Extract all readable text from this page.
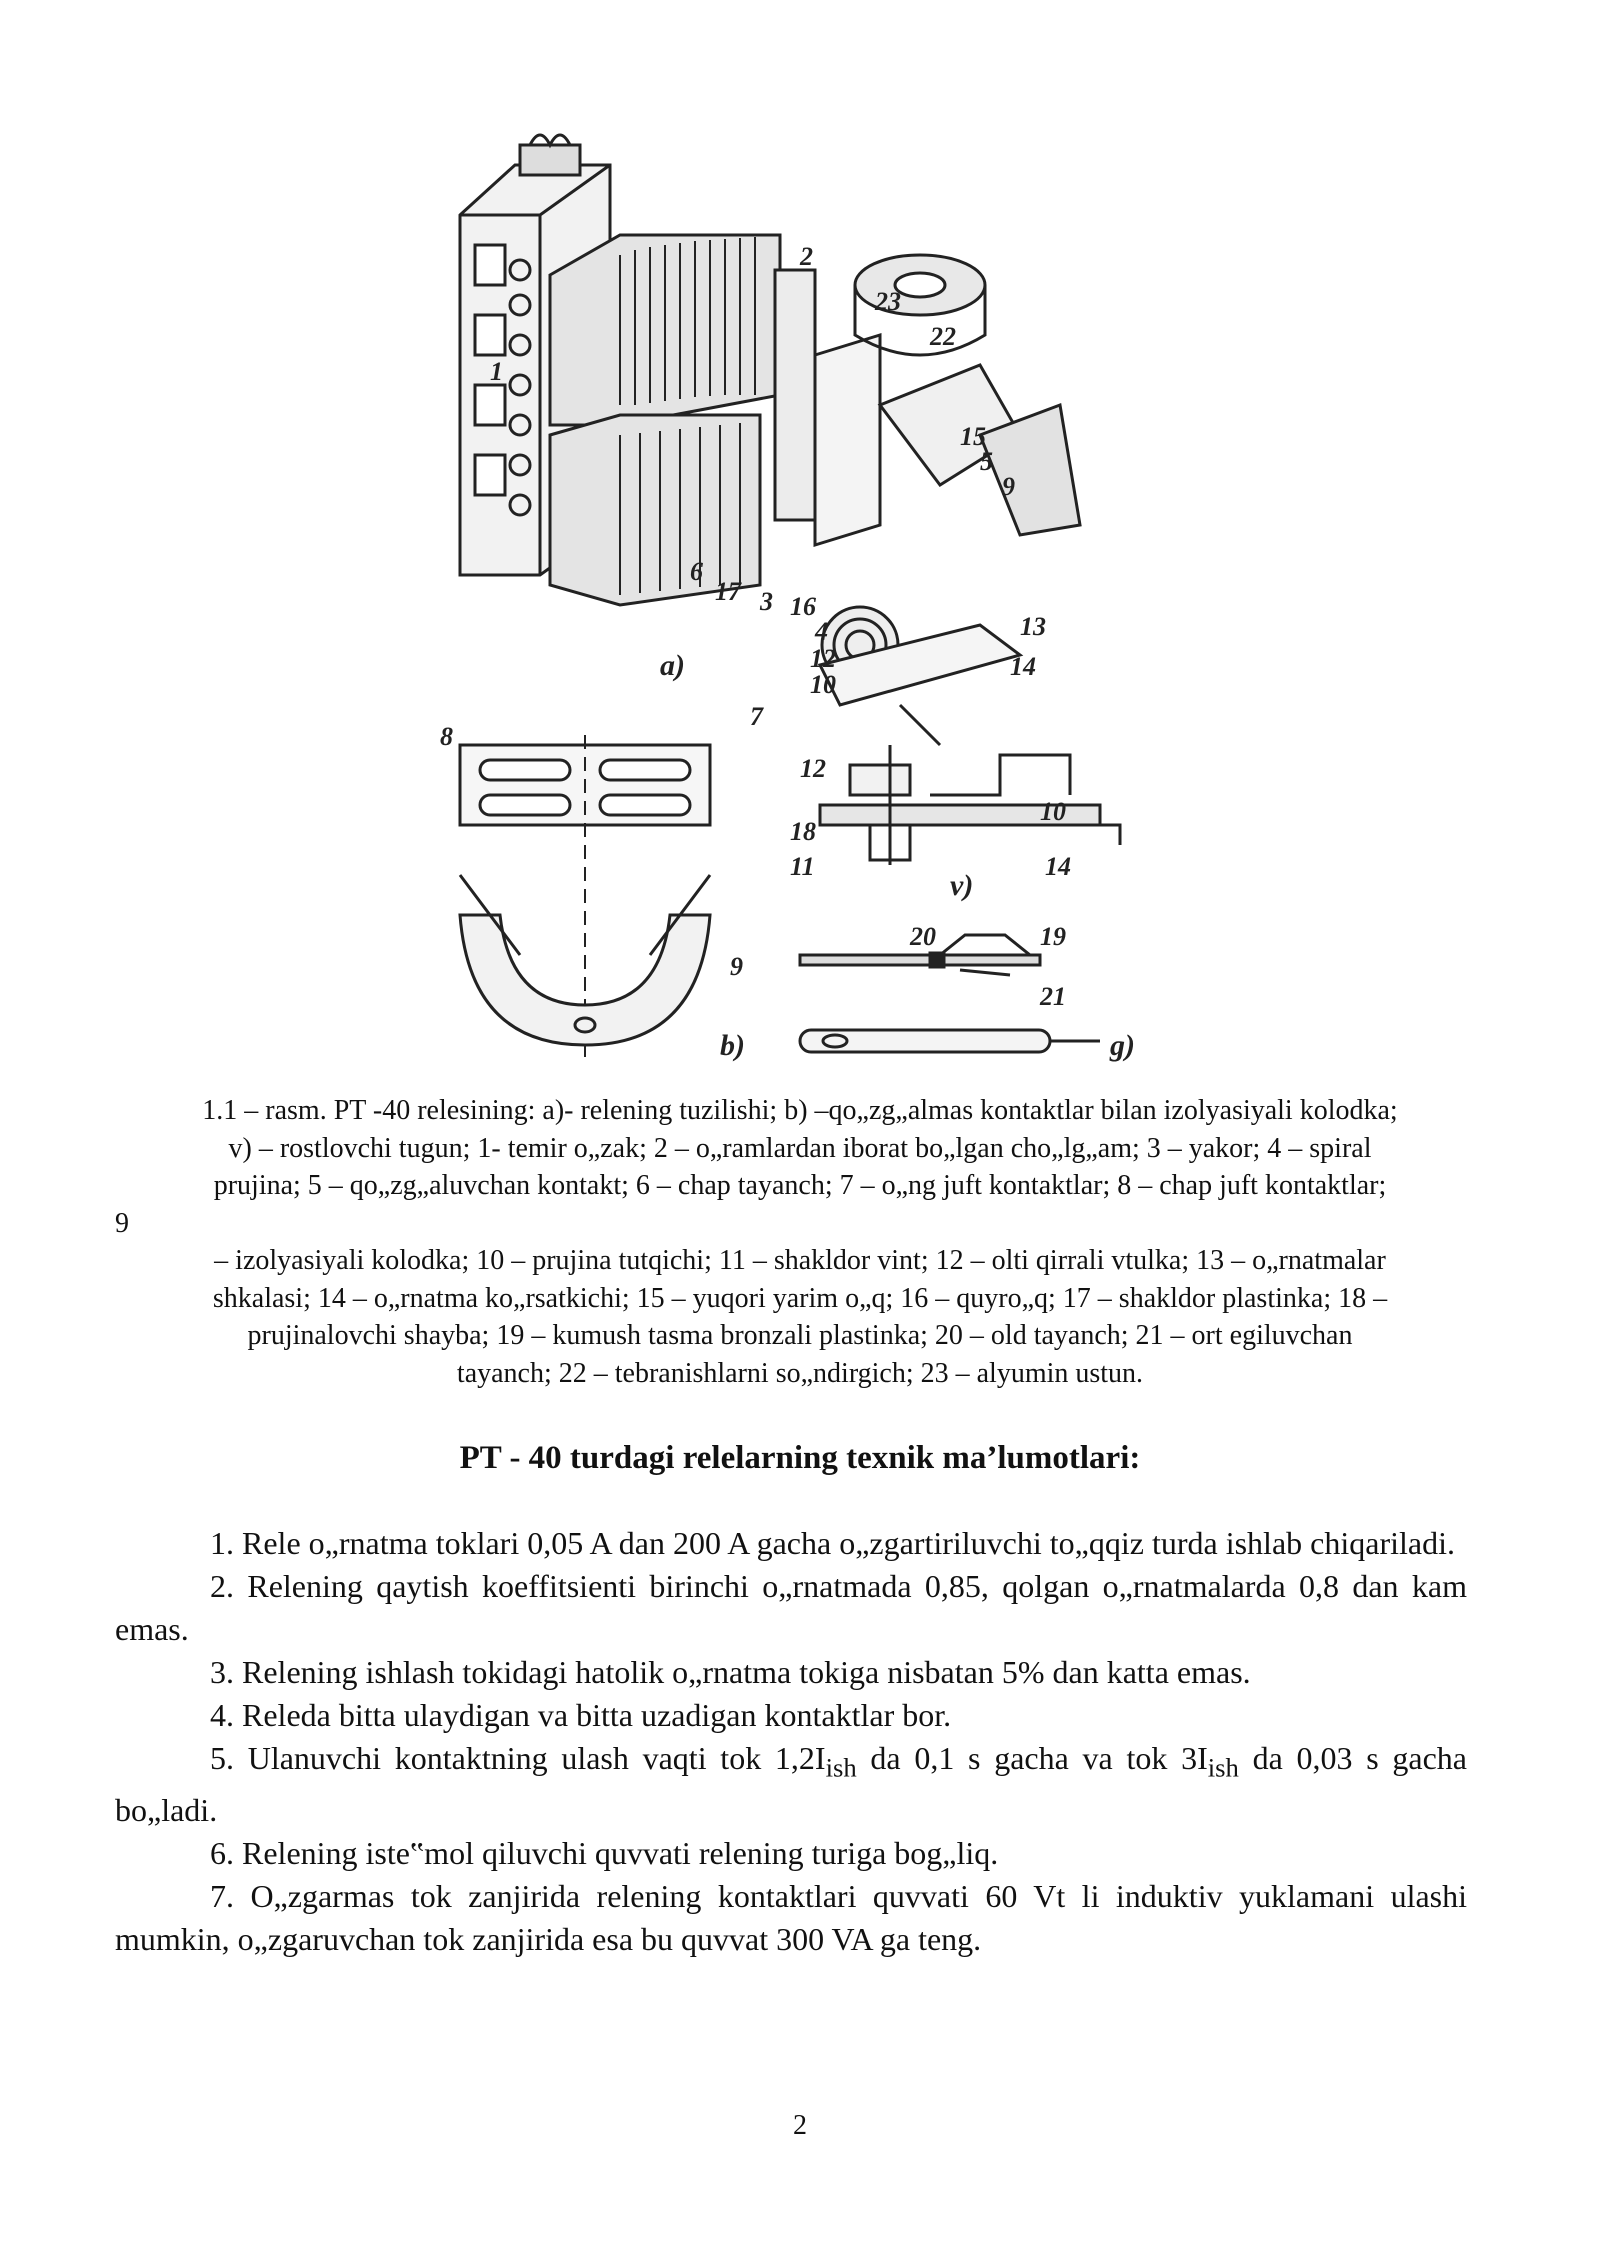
1
2
23
22
15
5
9
6
17 3 16
4
12
10
13
14
8
7
12
10
18
14
11
20	19
21
9
a)
b)
v)
g)
1.1 – rasm. PT -40 relesining: a)- relening tuzilishi; b) –qo„zg„almas kontaktlar bilan izolyasiyali kolodka;
v) – rostlovchi tugun; 1- temir o„zak; 2 – o„ramlardan iborat bo„lgan cho„lg„am; 3 – yakor; 4 – spiral
prujina; 5 – qo„zg„aluvchan kontakt; 6 – chap tayanch; 7 – o„ng juft kontaktlar; 8 – chap juft kontaktlar;
9
– izolyasiyali kolodka; 10 – prujina tutqichi; 11 – shakldor vint; 12 – olti qirrali vtulka; 13 – o„rnatmalar
shkalasi; 14 – o„rnatma ko„rsatkichi; 15 – yuqori yarim o„q; 16 – quyro„q; 17 – shakldor plastinka; 18 –
prujinalovchi shayba; 19 – kumush tasma bronzali plastinka; 20 – old tayanch; 21 – ort egiluvchan
tayanch; 22 – tebranishlarni so„ndirgich; 23 – alyumin ustun.
PT - 40 turdagi relelarning texnik ma’lumotlari:

1. Rele o„rnatma toklari 0,05 A dan 200 A gacha o„zgartiriluvchi to„qqiz turda ishlab chiqariladi.

2. Relening qaytish koeffitsienti birinchi o„rnatmada 0,85, qolgan o„rnatmalarda 0,8 dan kam emas.

3. Relening ishlash tokidagi hatolik o„rnatma tokiga nisbatan 5% dan katta emas.

4. Releda bitta ulaydigan va bitta uzadigan kontaktlar bor.

5. Ulanuvchi kontaktning ulash vaqti tok $1,2I_{ish}$ da 0,1 s gacha va tok $3I_{ish}$ da 0,03 s gacha bo„ladi.

6. Relening iste‟mol qiluvchi quvvati relening turiga bog„liq.

7. O„zgarmas tok zanjirida relening kontaktlari quvvati 60 Vt li induktiv yuklamani ulashi mumkin, o„zgaruvchan tok zanjirida esa bu quvvat 300 VA ga teng.

2
